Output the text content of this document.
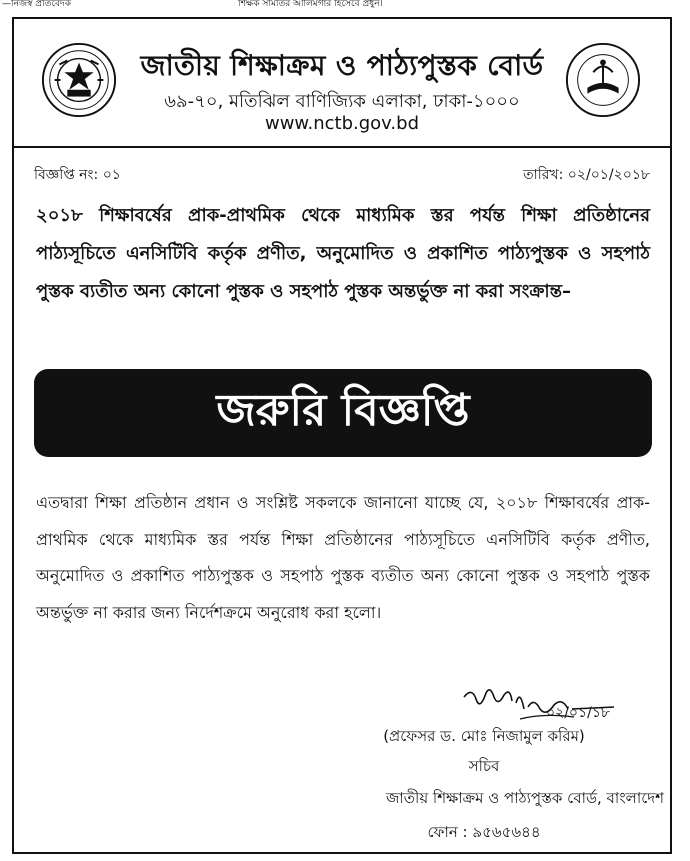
—নিজস্ব প্রতিবেদক	শিক্ষক সমিতির আলিমগার হিসেবে প্রধুন।
জাতীয় শিক্ষাক্রম ও পাঠ্যপুস্তক বোর্ড
৬৯-৭০, মতিঝিল বাণিজ্যিক এলাকা, ঢাকা-১০০০
www.nctb.gov.bd
বিজ্ঞপ্তি নং: ০১	তারিখ: ০২/০১/২০১৮
২০১৮ শিক্ষাবর্ষের প্রাক-প্রাথমিক থেকে মাধ্যমিক স্তর পর্যন্ত শিক্ষা প্রতিষ্ঠানের পাঠ্যসূচিতে এনসিটিবি কর্তৃক প্রণীত, অনুমোদিত ও প্রকাশিত পাঠ্যপুস্তক ও সহপাঠ পুস্তক ব্যতীত অন্য কোনো পুস্তক ও সহপাঠ পুস্তক অন্তর্ভুক্ত না করা সংক্রান্ত–
জরুরি বিজ্ঞপ্তি
এতদ্বারা শিক্ষা প্রতিষ্ঠান প্রধান ও সংশ্লিষ্ট সকলকে জানানো যাচ্ছে যে, ২০১৮ শিক্ষাবর্ষের প্রাক-প্রাথমিক থেকে মাধ্যমিক স্তর পর্যন্ত শিক্ষা প্রতিষ্ঠানের পাঠ্যসূচিতে এনসিটিবি কর্তৃক প্রণীত, অনুমোদিত ও প্রকাশিত পাঠ্যপুস্তক ও সহপাঠ পুস্তক ব্যতীত অন্য কোনো পুস্তক ও সহপাঠ পুস্তক অন্তর্ভুক্ত না করার জন্য নির্দেশক্রমে অনুরোধ করা হলো।
০২/০১/১৮
(প্রফেসর ড. মোঃ নিজামুল করিম)
সচিব
জাতীয় শিক্ষাক্রম ও পাঠ্যপুস্তক বোর্ড, বাংলাদেশ
ফোন : ৯৫৬৫৬৪৪
